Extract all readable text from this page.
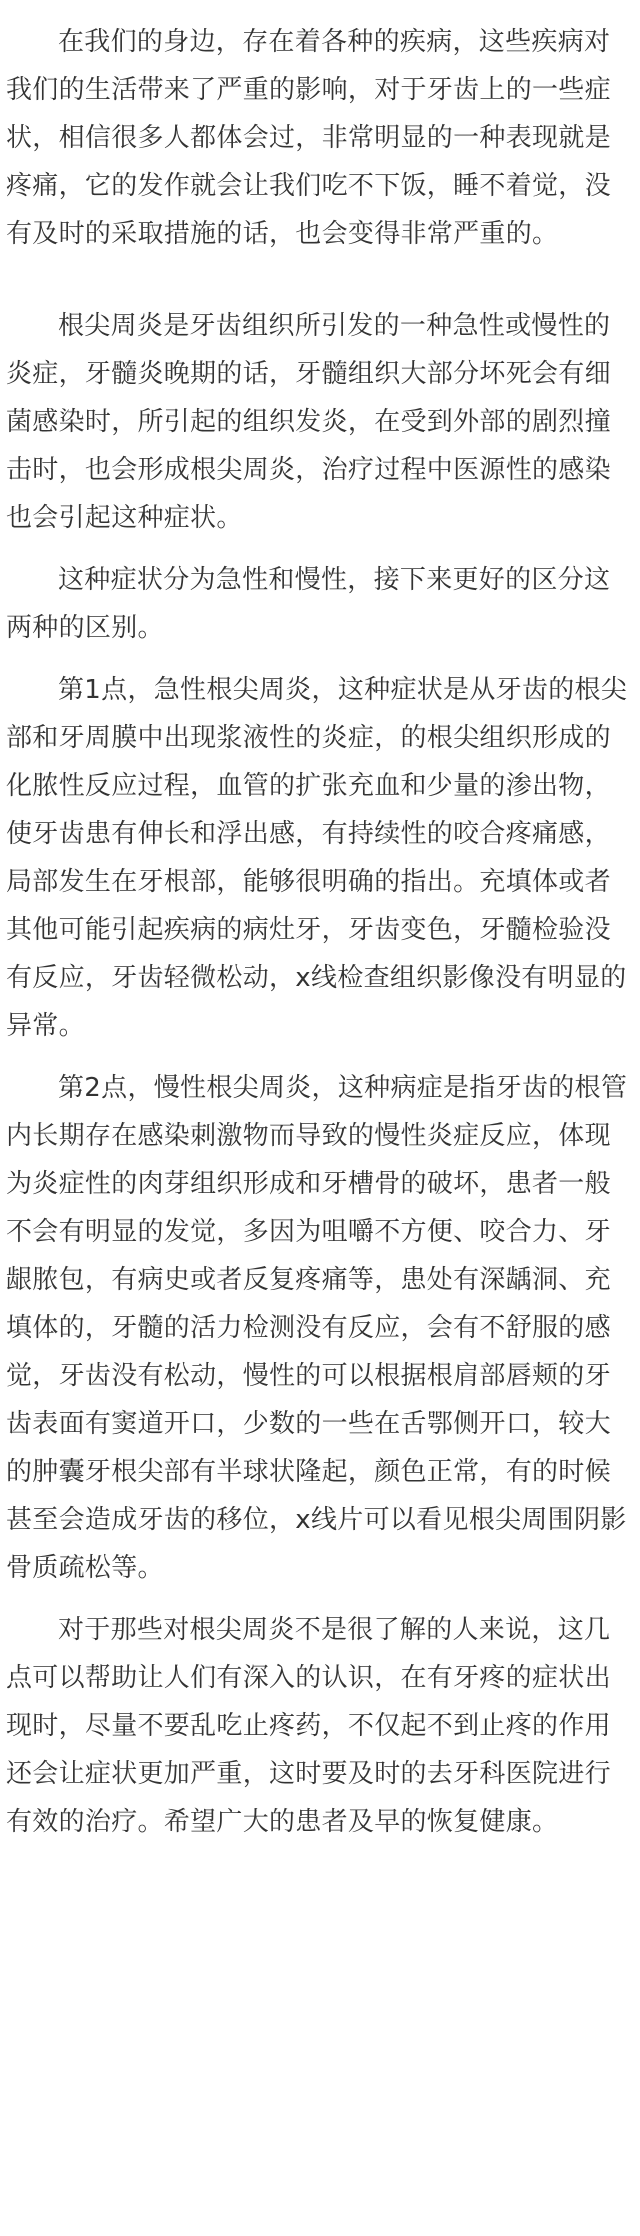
在我们的身边，存在着各种的疾病，这些疾病对我们的生活带来了严重的影响，对于牙齿上的一些症状，相信很多人都体会过，非常明显的一种表现就是疼痛，它的发作就会让我们吃不下饭，睡不着觉，没有及时的采取措施的话，也会变得非常严重的。

根尖周炎是牙齿组织所引发的一种急性或慢性的炎症，牙髓炎晚期的话，牙髓组织大部分坏死会有细菌感染时，所引起的组织发炎，在受到外部的剧烈撞击时，也会形成根尖周炎，治疗过程中医源性的感染也会引起这种症状。

这种症状分为急性和慢性，接下来更好的区分这两种的区别。

第1点，急性根尖周炎，这种症状是从牙齿的根尖部和牙周膜中出现浆液性的炎症，的根尖组织形成的化脓性反应过程，血管的扩张充血和少量的渗出物，使牙齿患有伸长和浮出感，有持续性的咬合疼痛感，局部发生在牙根部，能够很明确的指出。充填体或者其他可能引起疾病的病灶牙，牙齿变色，牙髓检验没有反应，牙齿轻微松动，x线检查组织影像没有明显的异常。

第2点，慢性根尖周炎，这种病症是指牙齿的根管内长期存在感染刺激物而导致的慢性炎症反应，体现为炎症性的肉芽组织形成和牙槽骨的破坏，患者一般不会有明显的发觉，多因为咀嚼不方便、咬合力、牙龈脓包，有病史或者反复疼痛等，患处有深龋洞、充填体的，牙髓的活力检测没有反应，会有不舒服的感觉，牙齿没有松动，慢性的可以根据根肩部唇颊的牙齿表面有窦道开口，少数的一些在舌鄂侧开口，较大的肿囊牙根尖部有半球状隆起，颜色正常，有的时候甚至会造成牙齿的移位，x线片可以看见根尖周围阴影骨质疏松等。

对于那些对根尖周炎不是很了解的人来说，这几点可以帮助让人们有深入的认识，在有牙疼的症状出现时，尽量不要乱吃止疼药，不仅起不到止疼的作用还会让症状更加严重，这时要及时的去牙科医院进行有效的治疗。希望广大的患者及早的恢复健康。
